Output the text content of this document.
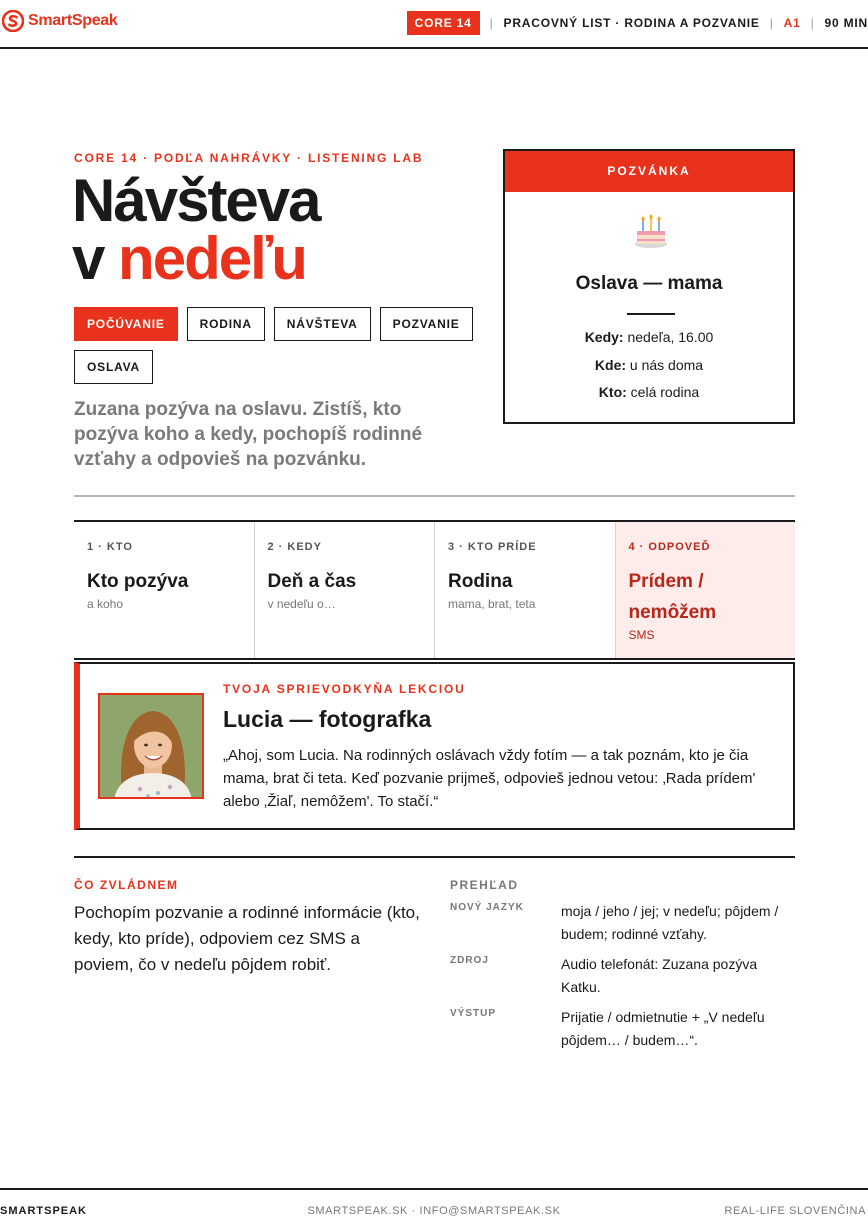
SmartSpeak	CORE 14	| PRACOVNÝ LIST · RODINA A POZVANIE | A1 | 90 MIN
CORE 14 · PODĽA NAHRÁVKY · LISTENING LAB
Návšteva
v nedeľu
POČÚVANIE	RODINA	NÁVŠTEVA	POZVANIE
OSLAVA

Zuzana pozýva na oslavu. Zistíš, kto pozýva koho a kedy, pochopíš rodinné vzťahy a odpovieš na pozvánku.

POZVÁNKA
Oslava — mama
Kedy: nedeľa, 16.00
Kde: u nás doma
Kto: celá rodina
1 · KTO
Kto pozýva
a koho
2 · KEDY
Deň a čas
v nedeľu o…
3 · KTO PRÍDE
Rodina
mama, brat, teta
4 · ODPOVEĎ
Prídem / nemôžem
SMS
TVOJA SPRIEVODKYŇA LEKCIOU
Lucia — fotografka

„Ahoj, som Lucia. Na rodinných oslávach vždy fotím — a tak poznám, kto je čia mama, brat či teta. Keď pozvanie prijmeš, odpovieš jednou vetou: ‚Rada prídem' alebo ‚Žiaľ, nemôžem'. To stačí.“

ČO ZVLÁDNEM

Pochopím pozvanie a rodinné informácie (kto, kedy, kto príde), odpoviem cez SMS a poviem, čo v nedeľu pôjdem robiť.

PREHĽAD
NOVÝ JAZYK	moja / jeho / jej; v nedeľu; pôjdem / budem; rodinné vzťahy.
ZDROJ	Audio telefonát: Zuzana pozýva Katku.
VÝSTUP	Prijatie / odmietnutie + „V nedeľu pôjdem… / budem…“.
SMARTSPEAK	SMARTSPEAK.SK · INFO@SMARTSPEAK.SK	REAL-LIFE SLOVENČINA
